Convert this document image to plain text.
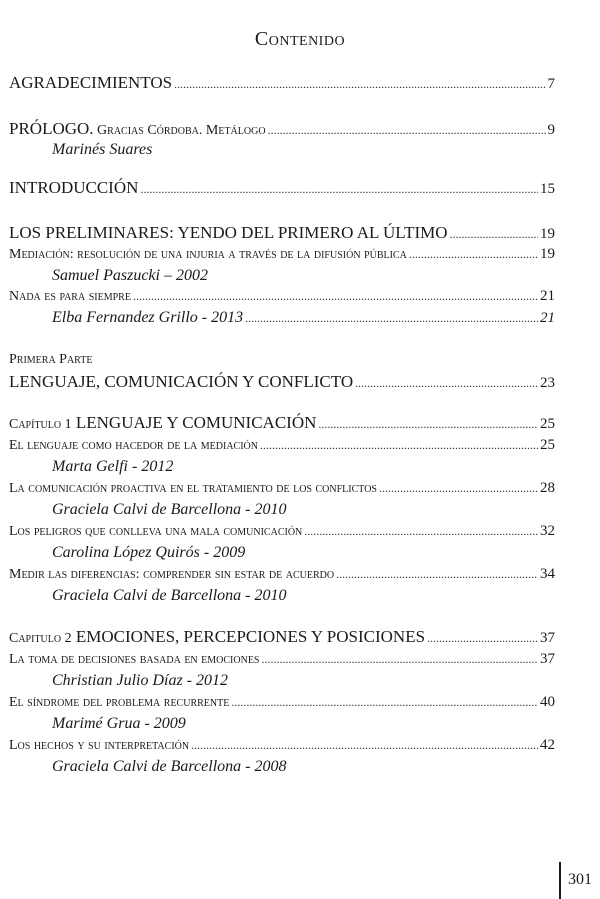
Contenido
AGRADECIMIENTOS .....	7
PRÓLOGO. Gracias Córdoba. Metálogo .....	9
Marinés Suares
INTRODUCCIÓN .....	15
LOS PRELIMINARES: YENDO DEL PRIMERO AL ÚLTIMO .....	19
Mediación: resolución de una injuria a través de la difusión pública .....	19
Samuel Paszucki – 2002
Nada es para siempre .....	21
Elba Fernandez Grillo - 2013 .....	21
Primera Parte
LENGUAJE, COMUNICACIÓN Y CONFLICTO .....	23
Capítulo 1 LENGUAJE Y COMUNICACIÓN .....	25
El lenguaje como hacedor de la mediación .....	25
Marta Gelfi - 2012
La comunicación proactiva en el tratamiento de los conflictos .....	28
Graciela Calvi de Barcellona - 2010
Los peligros que conlleva una mala comunicación .....	32
Carolina López Quirós - 2009
Medir las diferencias: comprender sin estar de acuerdo .....	34
Graciela Calvi de Barcellona - 2010
Capitulo 2 EMOCIONES, PERCEPCIONES Y POSICIONES .....	37
La toma de decisiones basada en emociones .....	37
Christian Julio Díaz - 2012
El síndrome del problema recurrente .....	40
Marimé Grua - 2009
Los hechos y su interpretación .....	42
Graciela Calvi de Barcellona - 2008
301
